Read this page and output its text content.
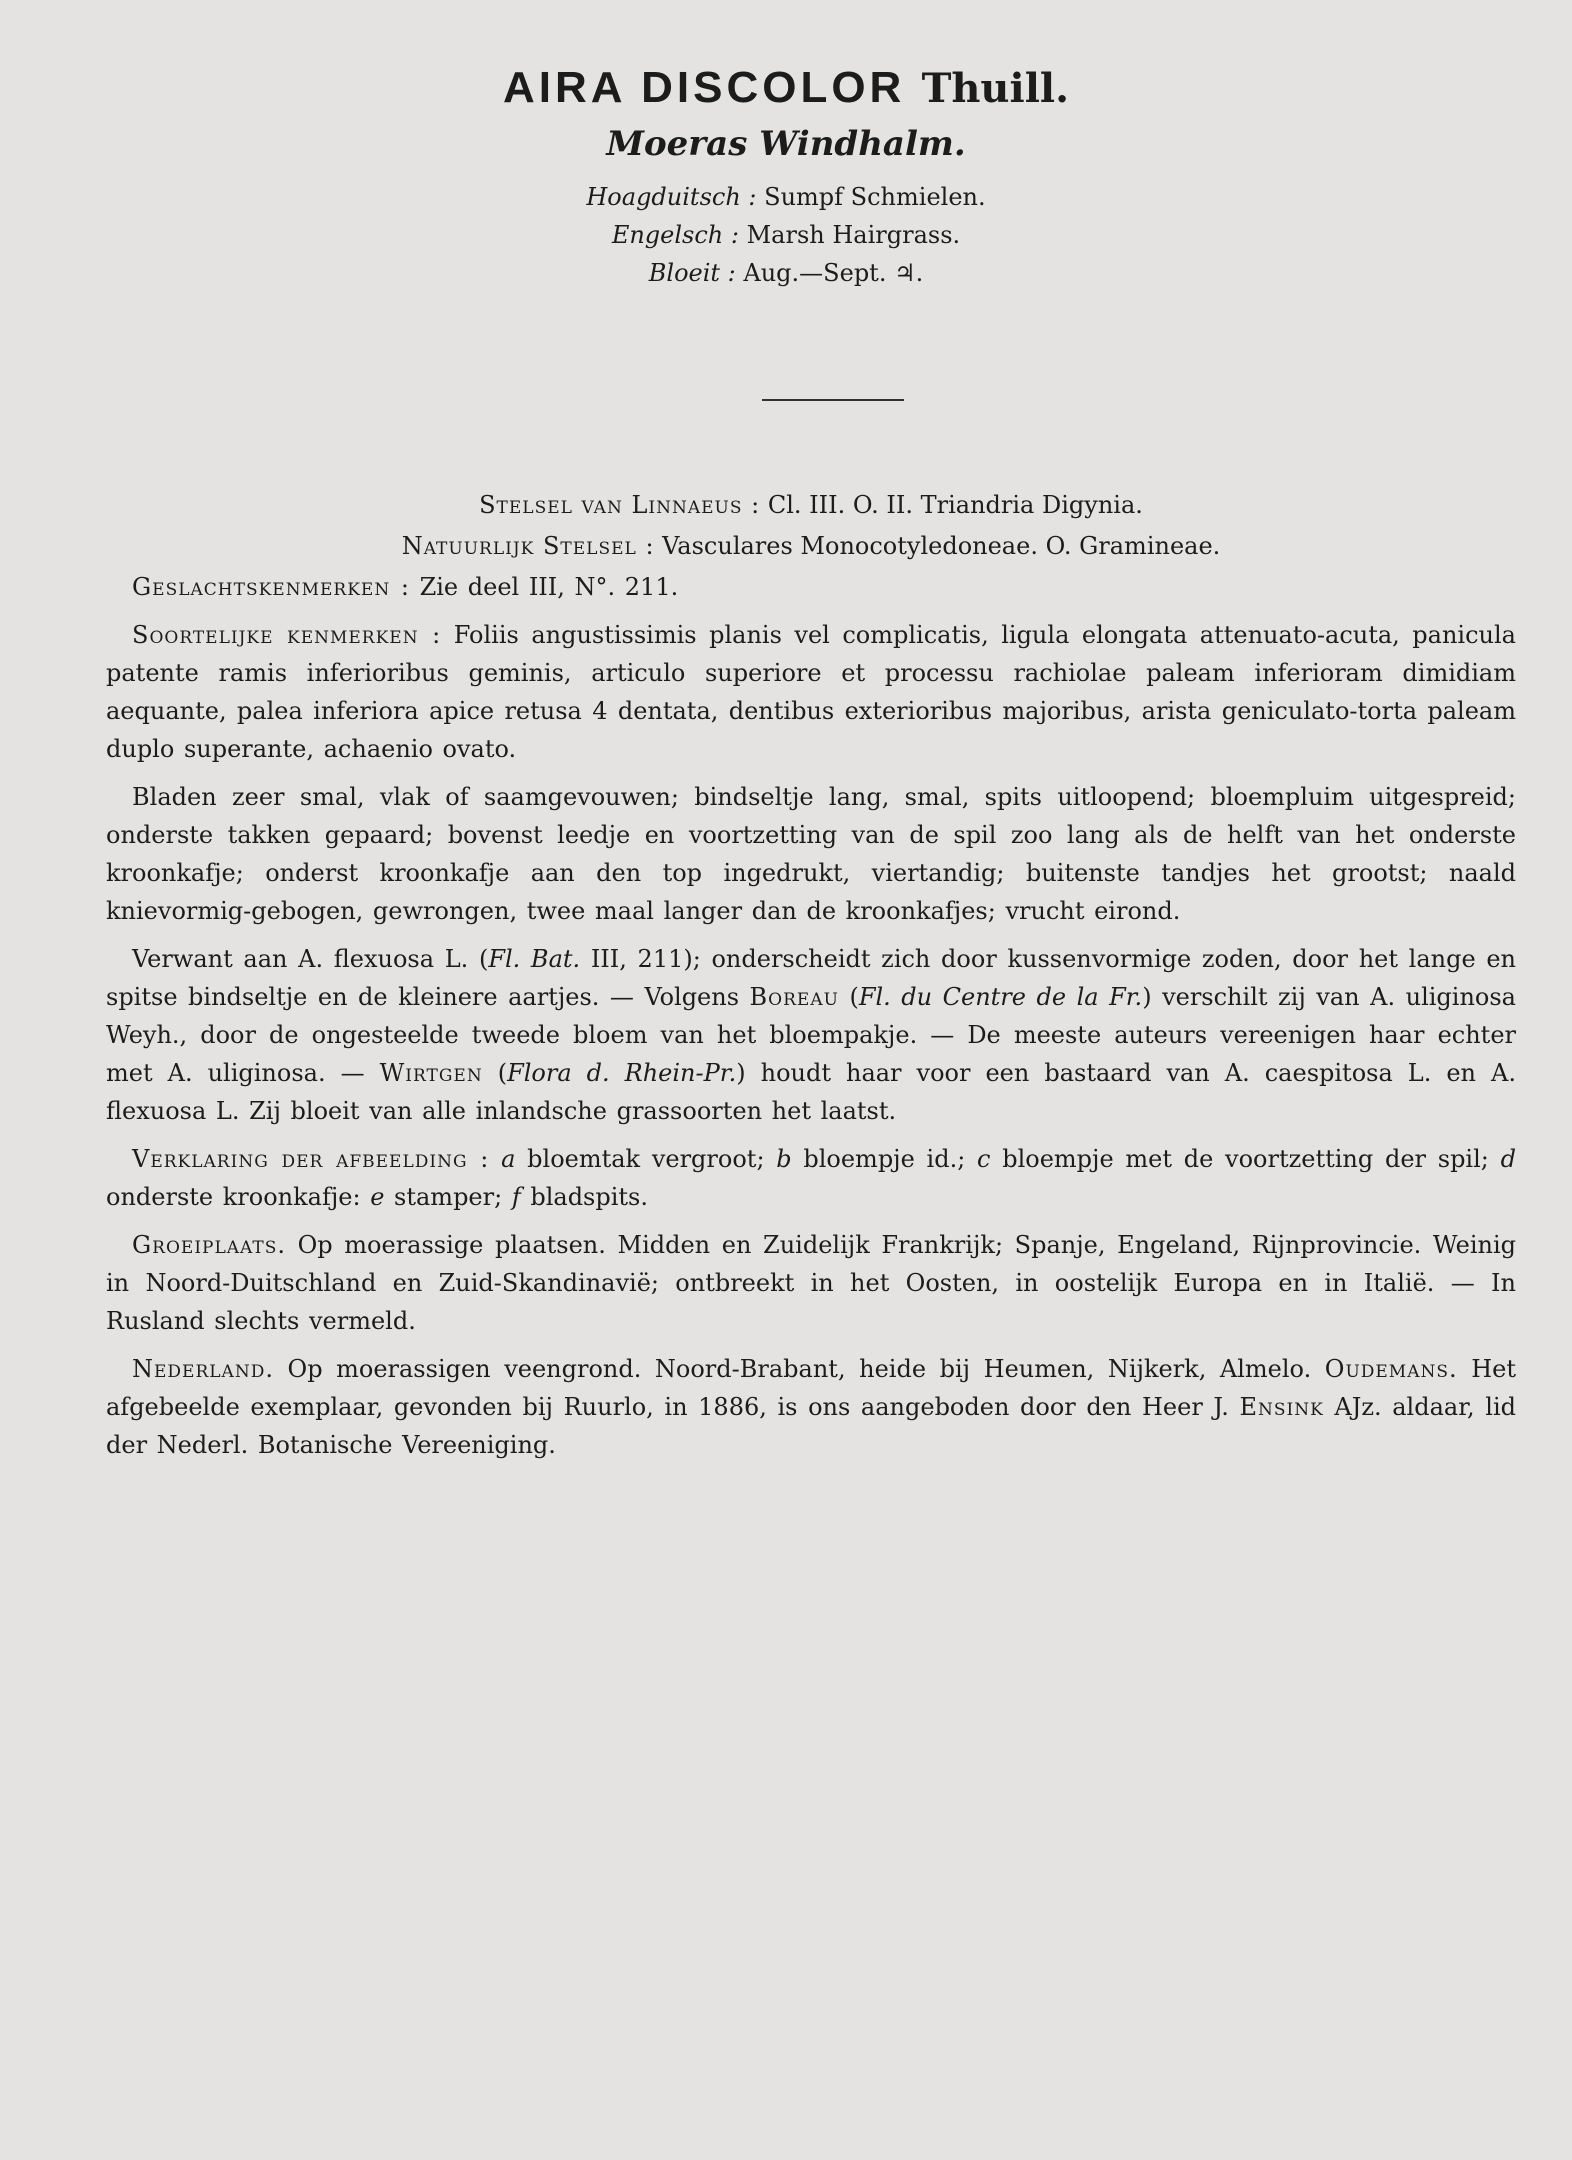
AIRA DISCOLOR Thuill.
Moeras Windhalm.
Hoagduitsch : Sumpf Schmielen.
Engelsch : Marsh Hairgrass.
Bloeit : Aug.—Sept. ♃.
Stelsel van Linnaeus : Cl. III. O. II. Triandria Digynia.
Natuurlijk Stelsel : Vasculares Monocotyledoneae. O. Gramineae.

Geslachtskenmerken : Zie deel III, N°. 211.

Soortelijke kenmerken : Foliis angustissimis planis vel complicatis, ligula elongata attenuato-acuta, panicula patente ramis inferioribus geminis, articulo superiore et processu rachiolae paleam inferioram dimidiam aequante, palea inferiora apice retusa 4 dentata, dentibus exterioribus majoribus, arista geniculato-torta paleam duplo superante, achaenio ovato.

Bladen zeer smal, vlak of saamgevouwen; bindseltje lang, smal, spits uitloopend; bloempluim uitgespreid; onderste takken gepaard; bovenst leedje en voortzetting van de spil zoo lang als de helft van het onderste kroonkafje; onderst kroonkafje aan den top ingedrukt, viertandig; buitenste tandjes het grootst; naald knievormig-gebogen, gewrongen, twee maal langer dan de kroonkafjes; vrucht eirond.

Verwant aan A. flexuosa L. (Fl. Bat. III, 211); onderscheidt zich door kussenvormige zoden, door het lange en spitse bindseltje en de kleinere aartjes. — Volgens Boreau (Fl. du Centre de la Fr.) verschilt zij van A. uliginosa Weyh., door de ongesteelde tweede bloem van het bloempakje. — De meeste auteurs vereenigen haar echter met A. uliginosa. — Wirtgen (Flora d. Rhein-Pr.) houdt haar voor een bastaard van A. caespitosa L. en A. flexuosa L. Zij bloeit van alle inlandsche grassoorten het laatst.

Verklaring der afbeelding : a bloemtak vergroot; b bloempje id.; c bloempje met de voortzetting der spil; d onderste kroonkafje: e stamper; f bladspits.

Groeiplaats. Op moerassige plaatsen. Midden en Zuidelijk Frankrijk; Spanje, Engeland, Rijnprovincie. Weinig in Noord-Duitschland en Zuid-Skandinavië; ontbreekt in het Oosten, in oostelijk Europa en in Italië. — In Rusland slechts vermeld.

Nederland. Op moerassigen veengrond. Noord-Brabant, heide bij Heumen, Nijkerk, Almelo. Oudemans. Het afgebeelde exemplaar, gevonden bij Ruurlo, in 1886, is ons aangeboden door den Heer J. Ensink AJz. aldaar, lid der Nederl. Botanische Vereeniging.
